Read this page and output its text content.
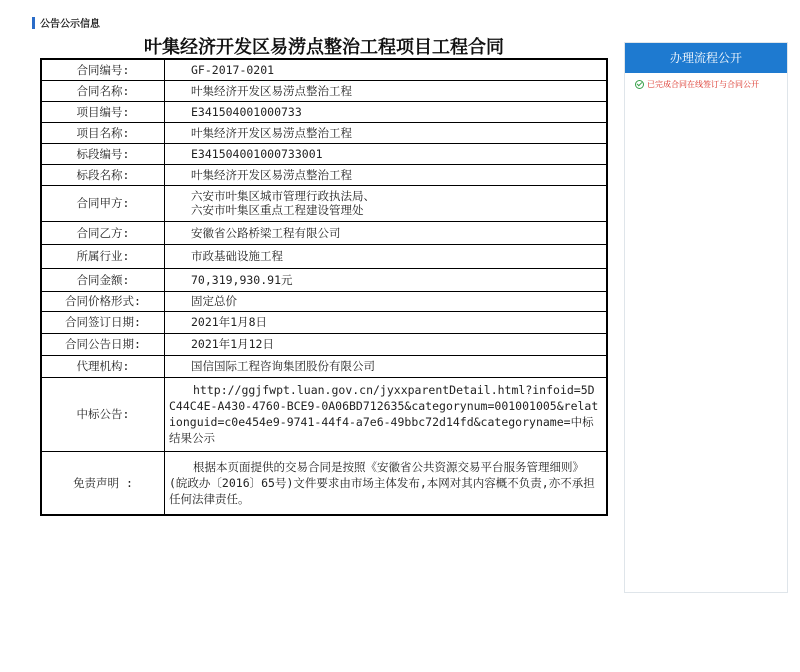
公告公示信息
叶集经济开发区易涝点整治工程项目工程合同
合同编号:	GF-2017-0201
合同名称:	叶集经济开发区易涝点整治工程
项目编号:	E341504001000733
项目名称:	叶集经济开发区易涝点整治工程
标段编号:	E341504001000733001
标段名称:	叶集经济开发区易涝点整治工程
合同甲方:	六安市叶集区城市管理行政执法局、
六安市叶集区重点工程建设管理处

合同乙方:	安徽省公路桥梁工程有限公司
所属行业:	市政基础设施工程
合同金额:	70,319,930.91元
合同价格形式:	固定总价
合同签订日期:	2021年1月8日
合同公告日期:	2021年1月12日
代理机构:	国信国际工程咨询集团股份有限公司
中标公告:	http://ggjfwpt.luan.gov.cn/jyxxparentDetail.html?infoid=5DC44C4E-A430-4760-BCE9-0A06BD712635&categorynum=001001005&relationguid=c0e454e9-9741-44f4-a7e6-49bbc72d14fd&categoryname=中标结果公示
免责声明 :	根据本页面提供的交易合同是按照《安徽省公共资源交易平台服务管理细则》(皖政办〔2016〕65号)文件要求由市场主体发布,本网对其内容概不负责,亦不承担任何法律责任。
办理流程公开
已完成合同在线签订与合同公开
